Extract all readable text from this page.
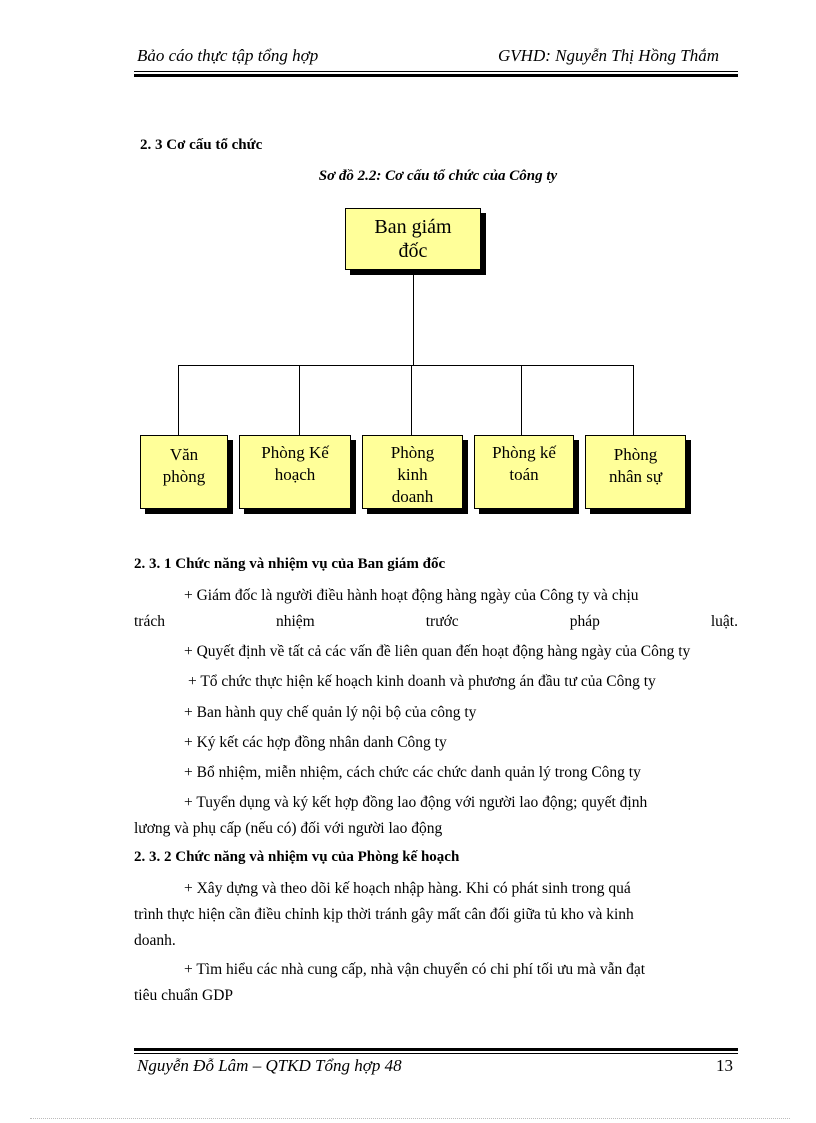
Bảo cáo thực tập tổng hợp	GVHD: Nguyễn Thị Hồng Thắm
2. 3 Cơ cấu tổ chức
Sơ đồ 2.2: Cơ cấu tổ chức của Công ty
Ban giám
đốc
Văn
phòng
Phòng Kế
hoạch
Phòng
kinh
doanh
Phòng kế
toán
Phòng
nhân sự
2. 3. 1 Chức năng và nhiệm vụ của Ban giám đốc
+ Giám đốc là người điều hành hoạt động hàng ngày của Công ty và chịu
trách	nhiệm	trước	pháp	luật.
+ Quyết định về tất cả các vấn đề liên quan đến hoạt động hàng ngày của Công ty
+ Tổ chức thực hiện kế hoạch kinh doanh và phương án đầu tư của Công ty
+ Ban hành quy chế quản lý nội bộ của công ty
+ Ký kết các hợp đồng nhân danh Công ty
+ Bổ nhiệm, miễn nhiệm, cách chức các chức danh quản lý trong Công ty
+ Tuyển dụng và ký kết hợp đồng lao động với người lao động; quyết định
lương và phụ cấp (nếu có) đối với người lao động
2. 3. 2 Chức năng và nhiệm vụ của Phòng kế hoạch
+ Xây dựng và theo dõi kế hoạch nhập hàng. Khi có phát sinh trong quá
trình thực hiện cần điều chỉnh kịp thời tránh gây mất cân đối giữa tủ kho và kinh
doanh.
+ Tìm hiểu các nhà cung cấp, nhà vận chuyển có chi phí tối ưu mà vẫn đạt
tiêu chuẩn GDP
Nguyễn Đỗ Lâm – QTKD Tổng hợp 48	13
